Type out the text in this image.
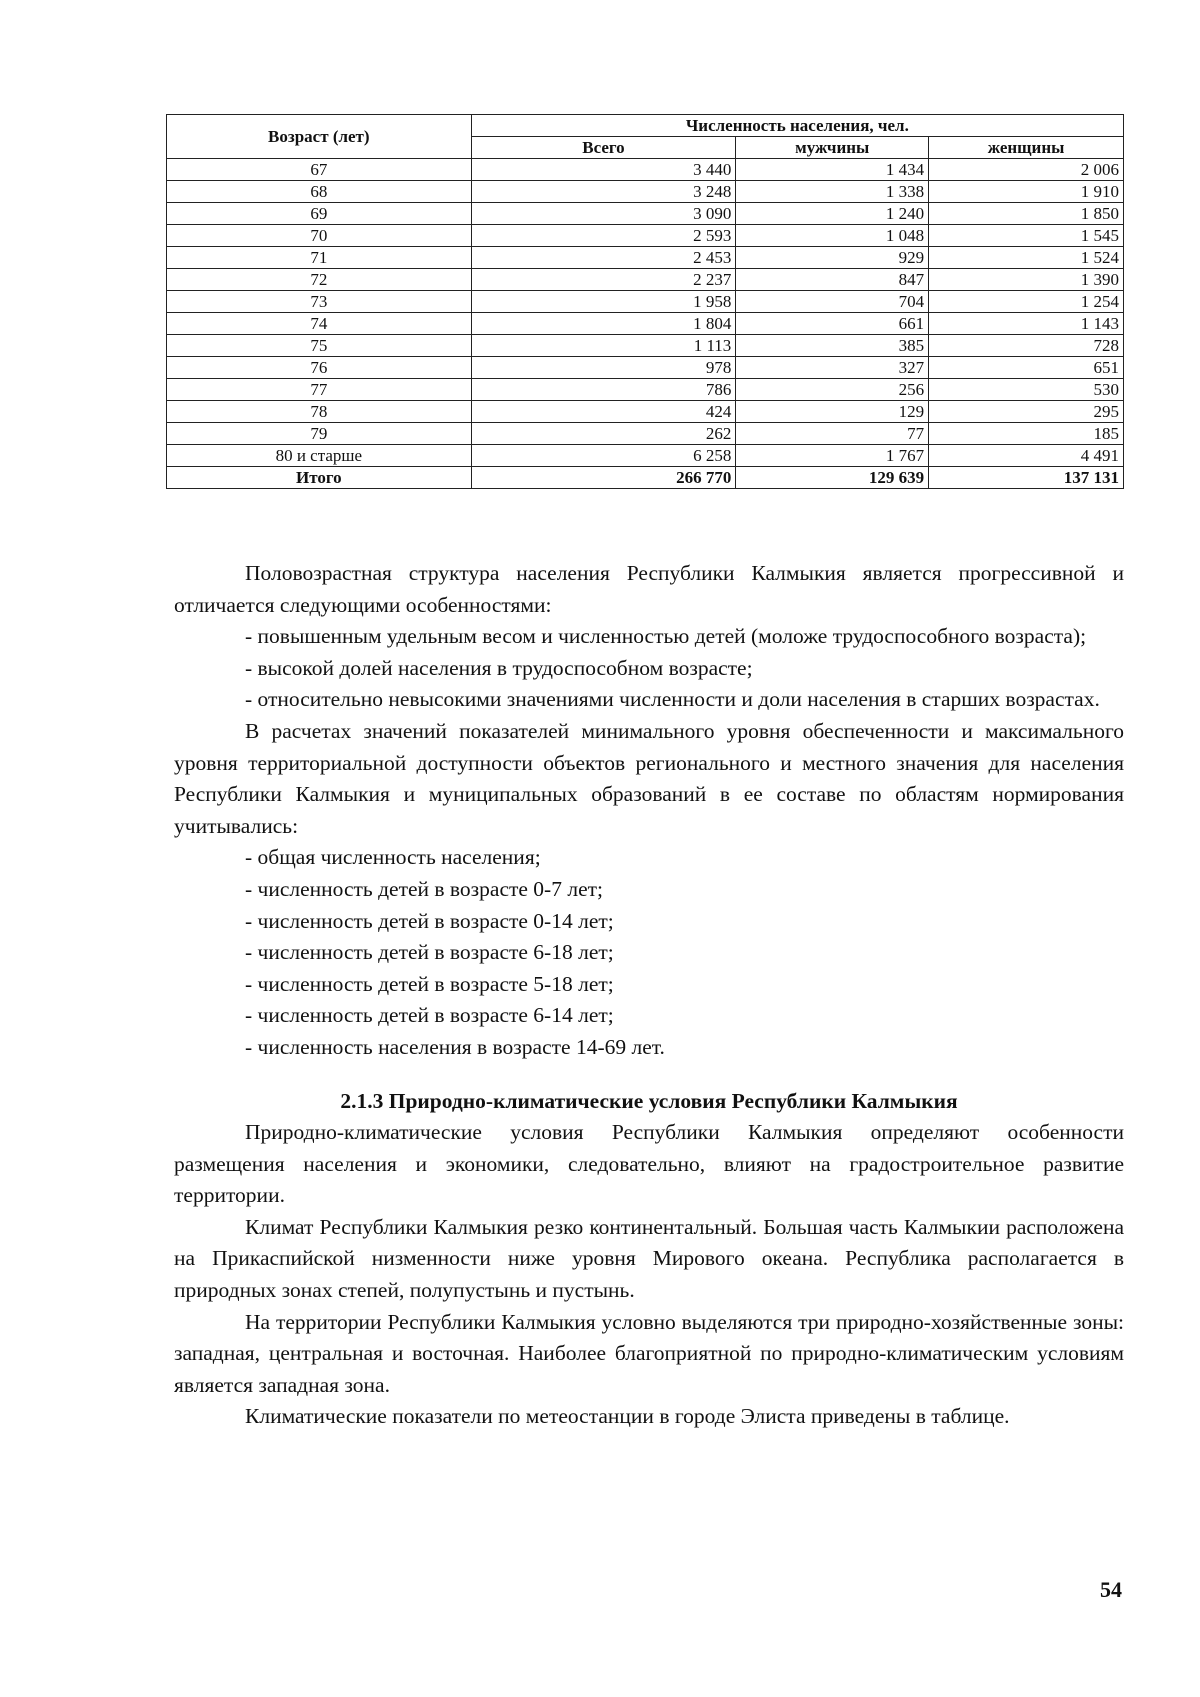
Возраст (лет)	Численность населения, чел.		
	Всего	мужчины	женщины
67	3 440	1 434	2 006
68	3 248	1 338	1 910
69	3 090	1 240	1 850
70	2 593	1 048	1 545
71	2 453	929	1 524
72	2 237	847	1 390
73	1 958	704	1 254
74	1 804	661	1 143
75	1 113	385	728
76	978	327	651
77	786	256	530
78	424	129	295
79	262	77	185
80 и старше	6 258	1 767	4 491
Итого	266 770	129 639	137 131

Половозрастная структура населения Республики Калмыкия является прогрессивной и отличается следующими особенностями:

- повышенным удельным весом и численностью детей (моложе трудоспособного возраста);

- высокой долей населения в трудоспособном возрасте;

- относительно невысокими значениями численности и доли населения в старших возрастах.

В расчетах значений показателей минимального уровня обеспеченности и максимального уровня территориальной доступности объектов регионального и местного значения для населения Республики Калмыкия и муниципальных образований в ее составе по областям нормирования учитывались:

- общая численность населения;

- численность детей в возрасте 0-7 лет;

- численность детей в возрасте 0-14 лет;

- численность детей в возрасте 6-18 лет;

- численность детей в возрасте 5-18 лет;

- численность детей в возрасте 6-14 лет;

- численность населения в возрасте 14-69 лет.

2.1.3 Природно-климатические условия Республики Калмыкия

Природно-климатические условия Республики Калмыкия определяют особенности размещения населения и экономики, следовательно, влияют на градостроительное развитие территории.

Климат Республики Калмыкия резко континентальный. Большая часть Калмыкии расположена на Прикаспийской низменности ниже уровня Мирового океана. Республика располагается в природных зонах степей, полупустынь и пустынь.

На территории Республики Калмыкия условно выделяются три природно-хозяйственные зоны: западная, центральная и восточная. Наиболее благоприятной по природно-климатическим условиям является западная зона.

Климатические показатели по метеостанции в городе Элиста приведены в таблице.

54
